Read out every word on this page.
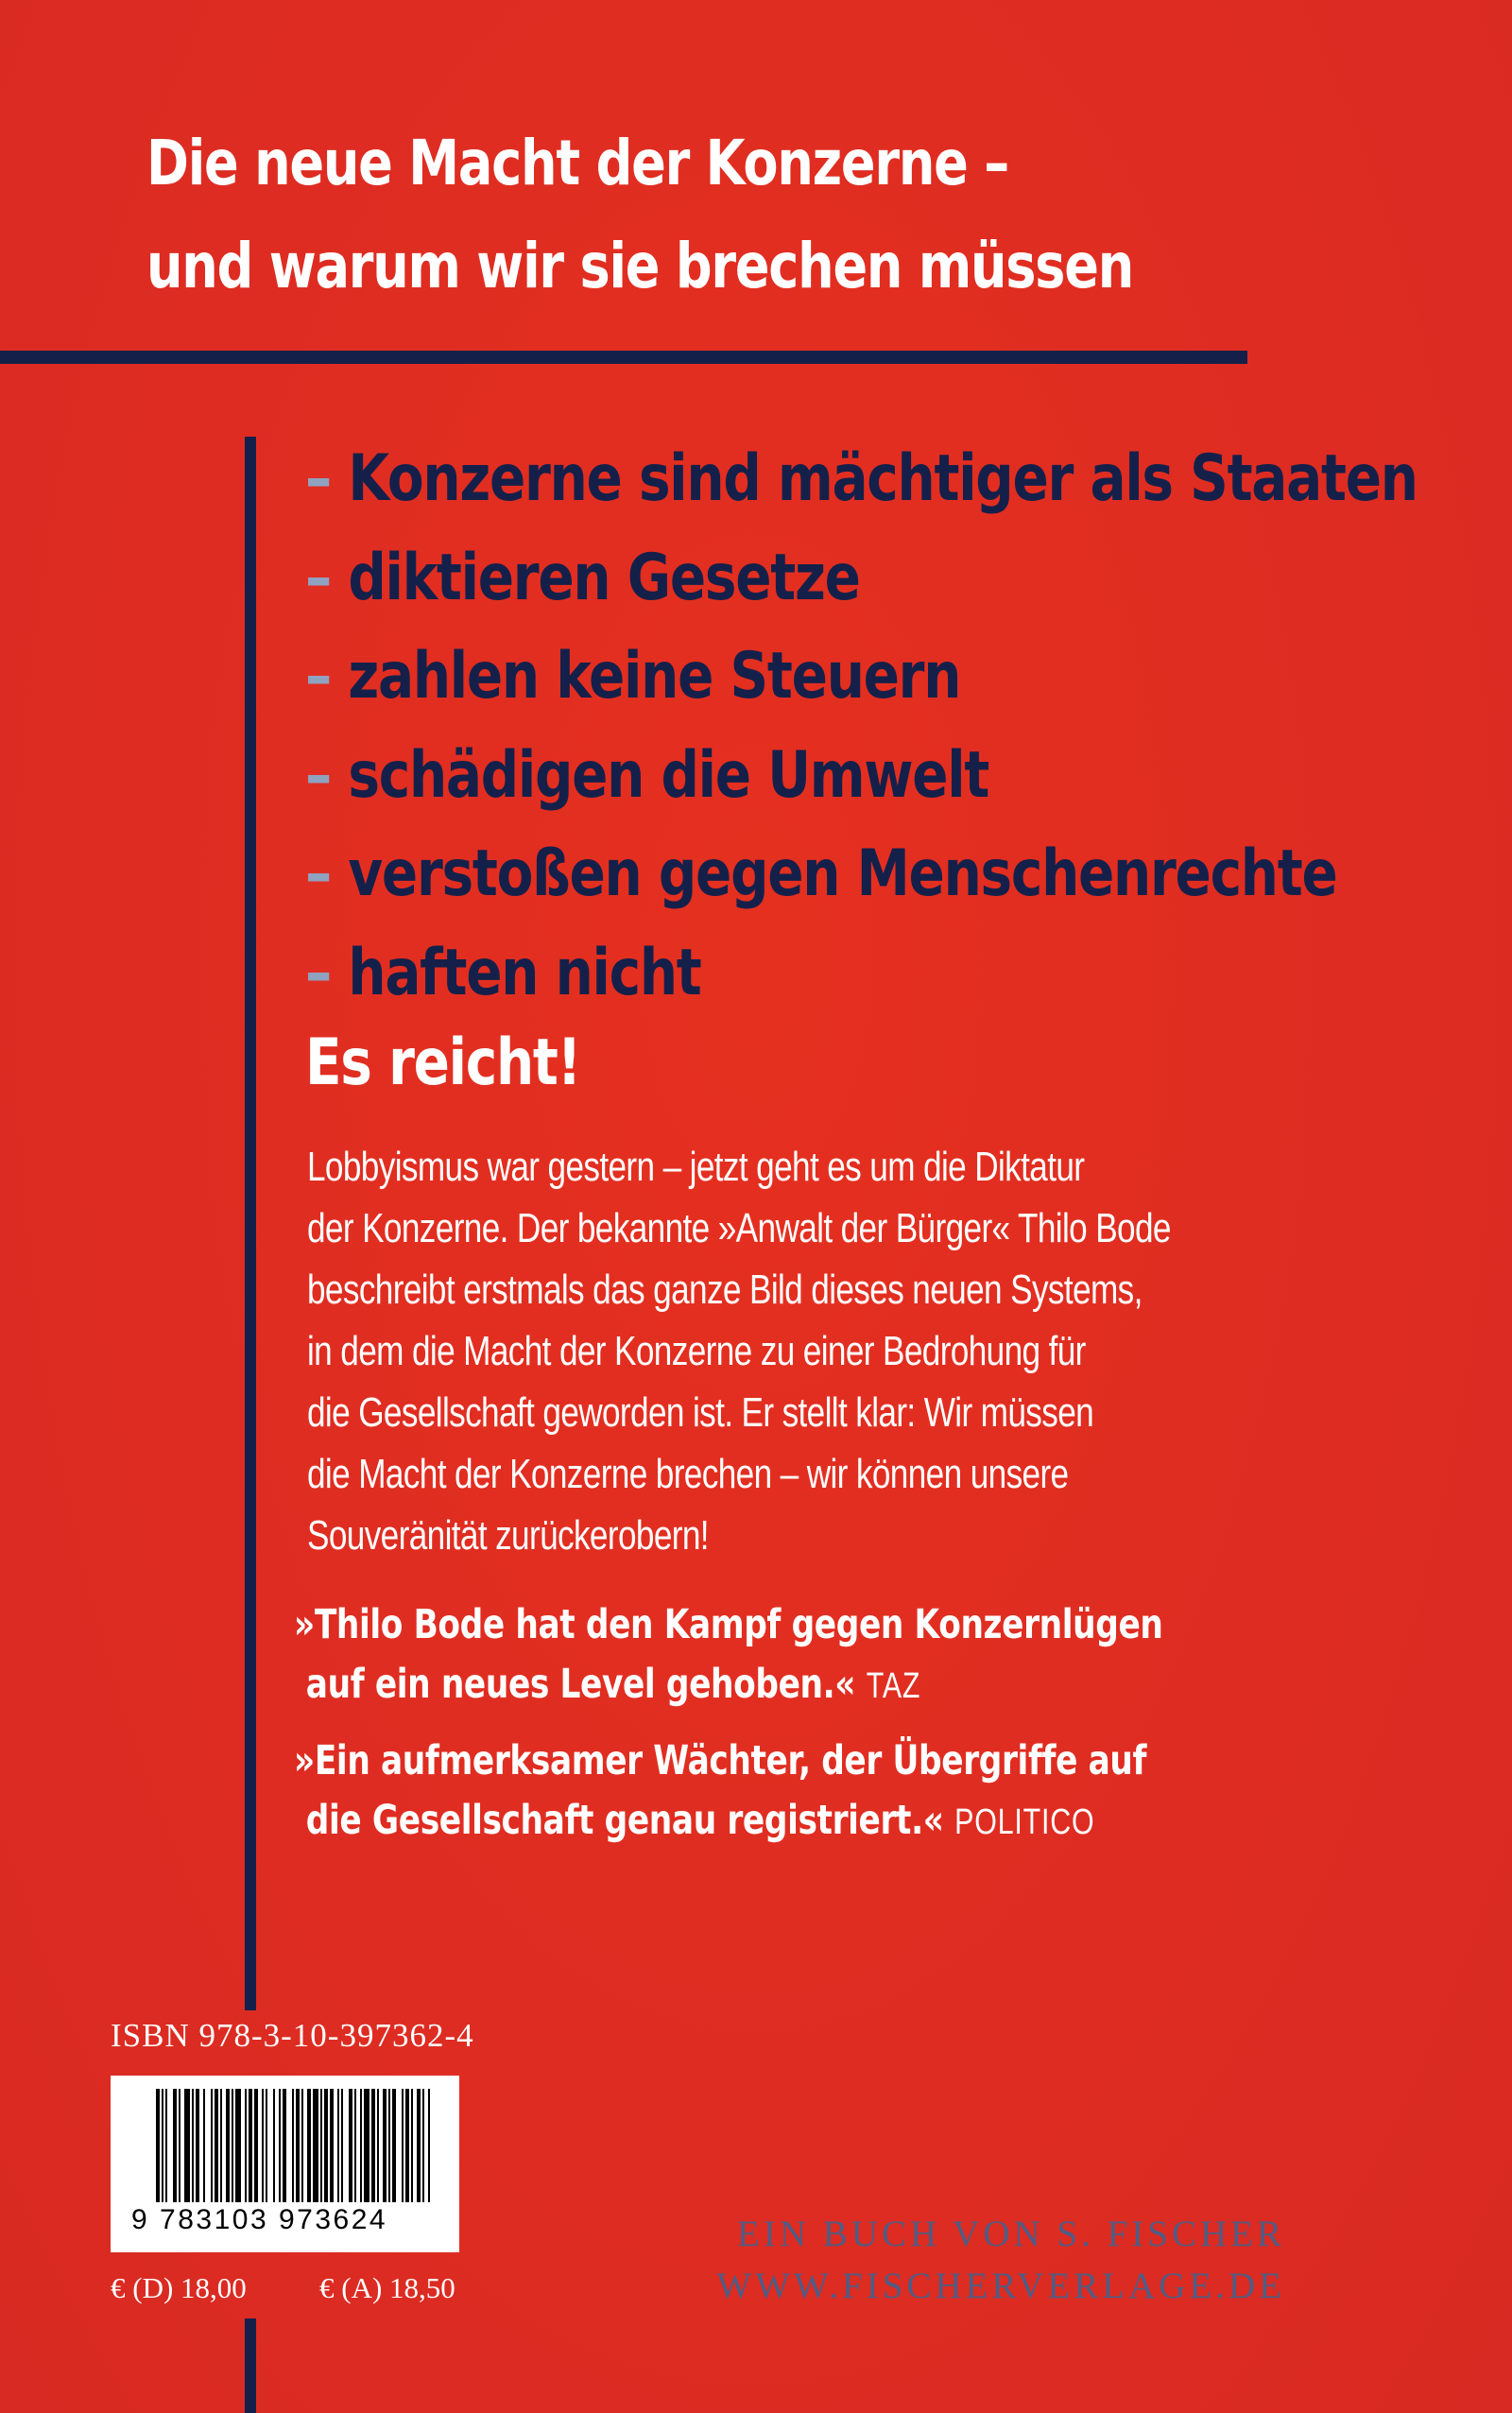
Die neue Macht der Konzerne –
und warum wir sie brechen müssen
– Konzerne sind mächtiger als Staaten
– diktieren Gesetze
– zahlen keine Steuern
– schädigen die Umwelt
– verstoßen gegen Menschenrechte
– haften nicht
Es reicht!
Lobbyismus war gestern – jetzt geht es um die Diktatur
der Konzerne. Der bekannte »Anwalt der Bürger« Thilo Bode
beschreibt erstmals das ganze Bild dieses neuen Systems,
in dem die Macht der Konzerne zu einer Bedrohung für
die Gesellschaft geworden ist. Er stellt klar: Wir müssen
die Macht der Konzerne brechen – wir können unsere
Souveränität zurückerobern!
»Thilo Bode hat den Kampf gegen Konzernlügen
auf ein neues Level gehoben.« TAZ
»Ein aufmerksamer Wächter, der Übergriffe auf
die Gesellschaft genau registriert.« POLITICO
ISBN 978-3-10-397362-4
9 783103 973624
€ (D) 18,00 € (A) 18,50
EIN BUCH VON S. FISCHER
WWW.FISCHERVERLAGE.DE
